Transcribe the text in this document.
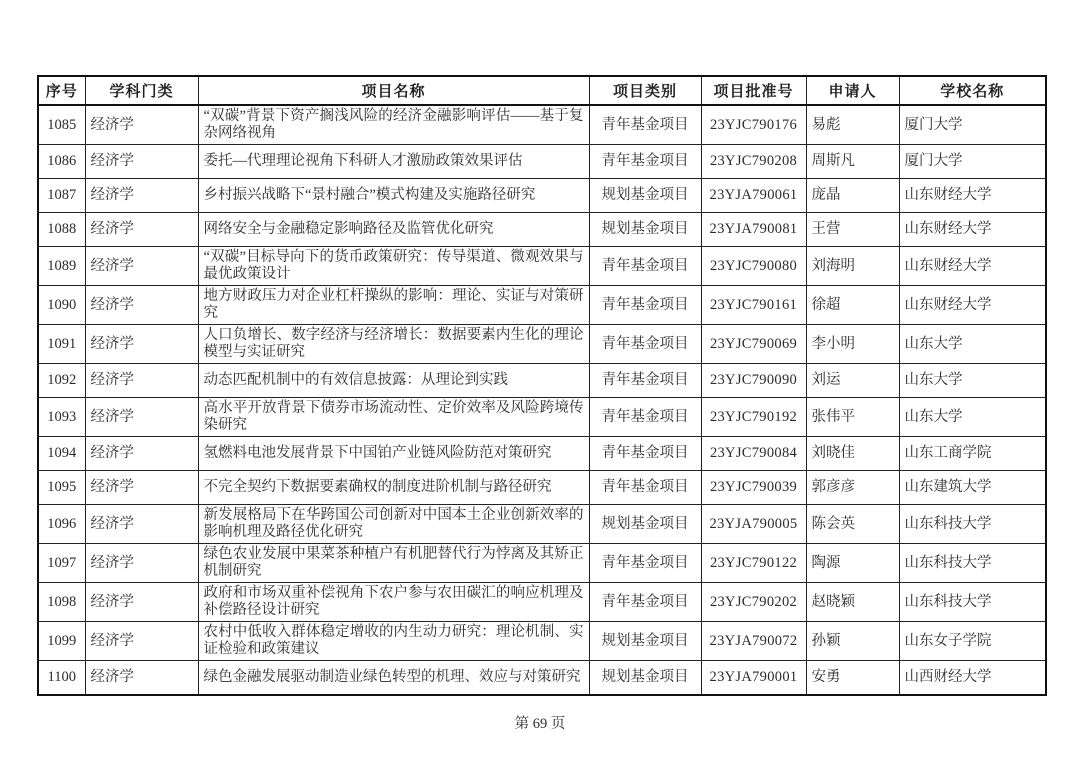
序号	学科门类	项目名称	项目类别	项目批准号	申请人	学校名称
1085	经济学	“双碳”背景下资产搁浅风险的经济金融影响评估——基于复杂网络视角	青年基金项目	23YJC790176	易彪	厦门大学
1086	经济学	委托—代理理论视角下科研人才激励政策效果评估	青年基金项目	23YJC790208	周斯凡	厦门大学
1087	经济学	乡村振兴战略下“景村融合”模式构建及实施路径研究	规划基金项目	23YJA790061	庞晶	山东财经大学
1088	经济学	网络安全与金融稳定影响路径及监管优化研究	规划基金项目	23YJA790081	王营	山东财经大学
1089	经济学	“双碳”目标导向下的货币政策研究：传导渠道、微观效果与最优政策设计	青年基金项目	23YJC790080	刘海明	山东财经大学
1090	经济学	地方财政压力对企业杠杆操纵的影响：理论、实证与对策研究	青年基金项目	23YJC790161	徐超	山东财经大学
1091	经济学	人口负增长、数字经济与经济增长：数据要素内生化的理论模型与实证研究	青年基金项目	23YJC790069	李小明	山东大学
1092	经济学	动态匹配机制中的有效信息披露：从理论到实践	青年基金项目	23YJC790090	刘运	山东大学
1093	经济学	高水平开放背景下债券市场流动性、定价效率及风险跨境传染研究	青年基金项目	23YJC790192	张伟平	山东大学
1094	经济学	氢燃料电池发展背景下中国铂产业链风险防范对策研究	青年基金项目	23YJC790084	刘晓佳	山东工商学院
1095	经济学	不完全契约下数据要素确权的制度进阶机制与路径研究	青年基金项目	23YJC790039	郭彦彦	山东建筑大学
1096	经济学	新发展格局下在华跨国公司创新对中国本土企业创新效率的影响机理及路径优化研究	规划基金项目	23YJA790005	陈会英	山东科技大学
1097	经济学	绿色农业发展中果菜茶种植户有机肥替代行为悖离及其矫正机制研究	青年基金项目	23YJC790122	陶源	山东科技大学
1098	经济学	政府和市场双重补偿视角下农户参与农田碳汇的响应机理及补偿路径设计研究	青年基金项目	23YJC790202	赵晓颖	山东科技大学
1099	经济学	农村中低收入群体稳定增收的内生动力研究：理论机制、实证检验和政策建议	规划基金项目	23YJA790072	孙颖	山东女子学院
1100	经济学	绿色金融发展驱动制造业绿色转型的机理、效应与对策研究	规划基金项目	23YJA790001	安勇	山西财经大学
第 69 页
